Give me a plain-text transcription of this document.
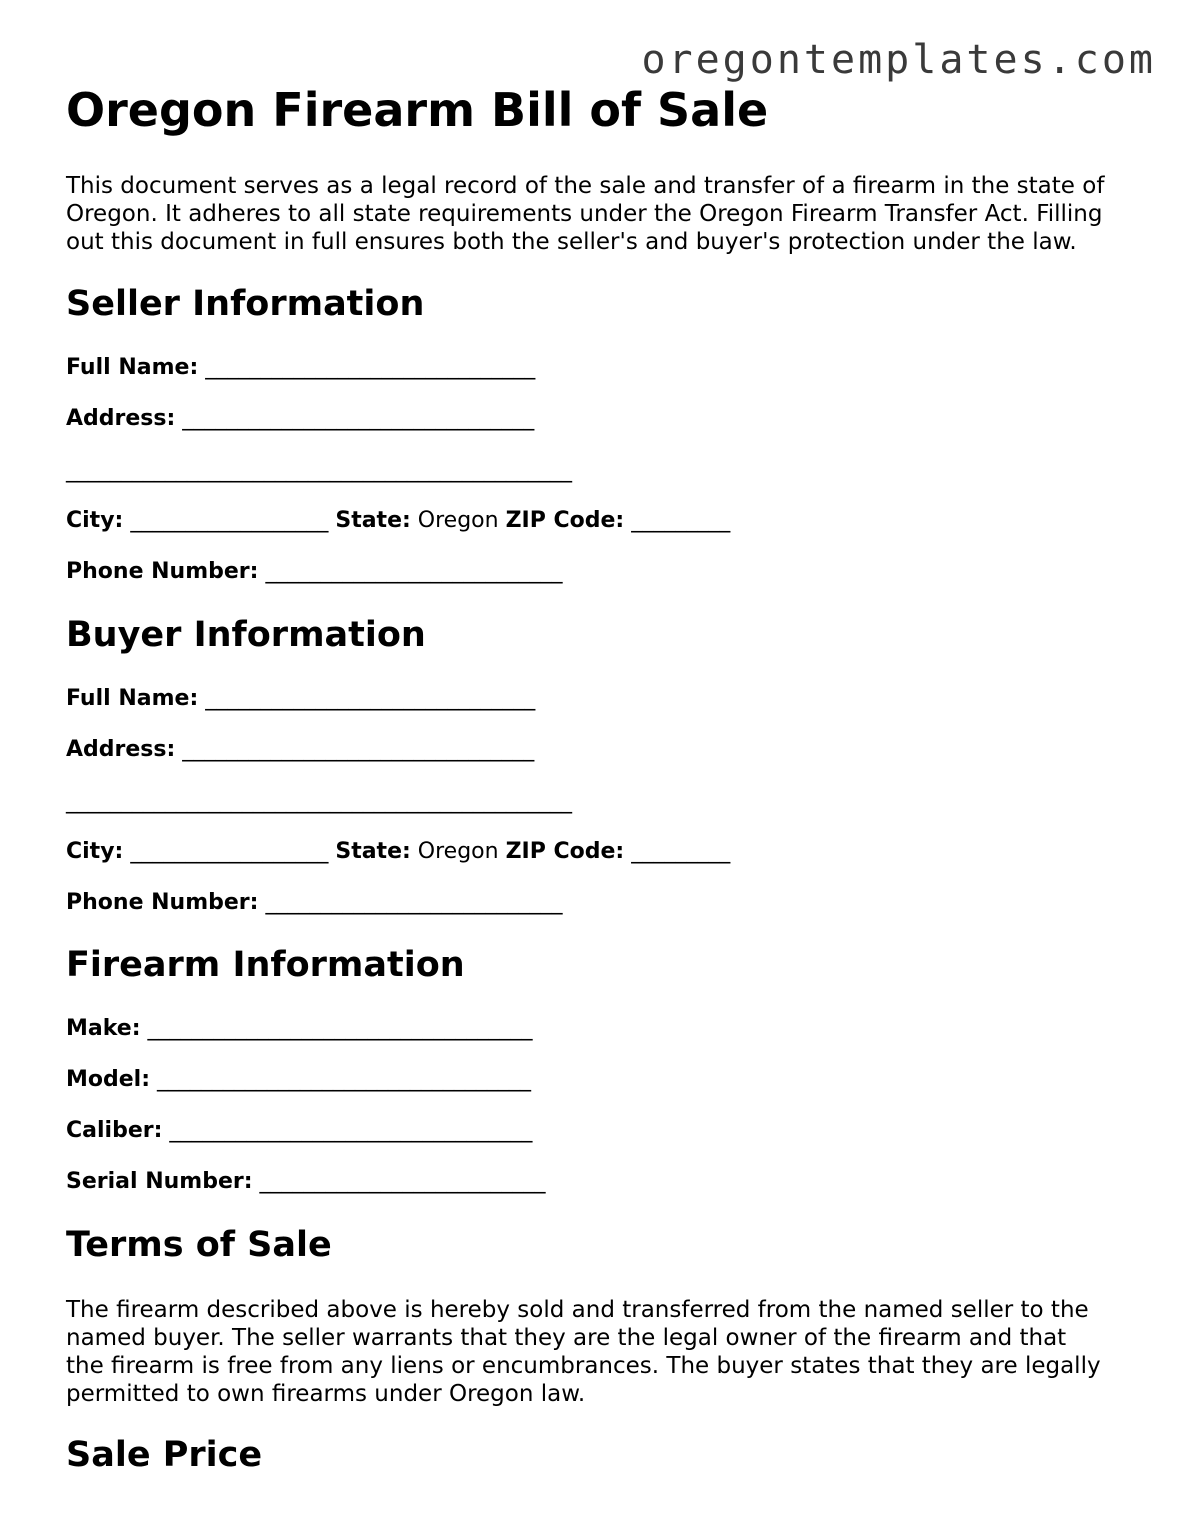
oregontemplates.com
Oregon Firearm Bill of Sale

This document serves as a legal record of the sale and transfer of a firearm in the state of
Oregon. It adheres to all state requirements under the Oregon Firearm Transfer Act. Filling
out this document in full ensures both the seller's and buyer's protection under the law.

Seller Information
Full Name: ______________________________
Address: ________________________________
______________________________________________
City: __________________ State: Oregon ZIP Code: _________
Phone Number: ___________________________
Buyer Information
Full Name: ______________________________
Address: ________________________________
______________________________________________
City: __________________ State: Oregon ZIP Code: _________
Phone Number: ___________________________
Firearm Information
Make: ___________________________________
Model: __________________________________
Caliber: _________________________________
Serial Number: __________________________
Terms of Sale

The firearm described above is hereby sold and transferred from the named seller to the
named buyer. The seller warrants that they are the legal owner of the firearm and that
the firearm is free from any liens or encumbrances. The buyer states that they are legally
permitted to own firearms under Oregon law.

Sale Price
